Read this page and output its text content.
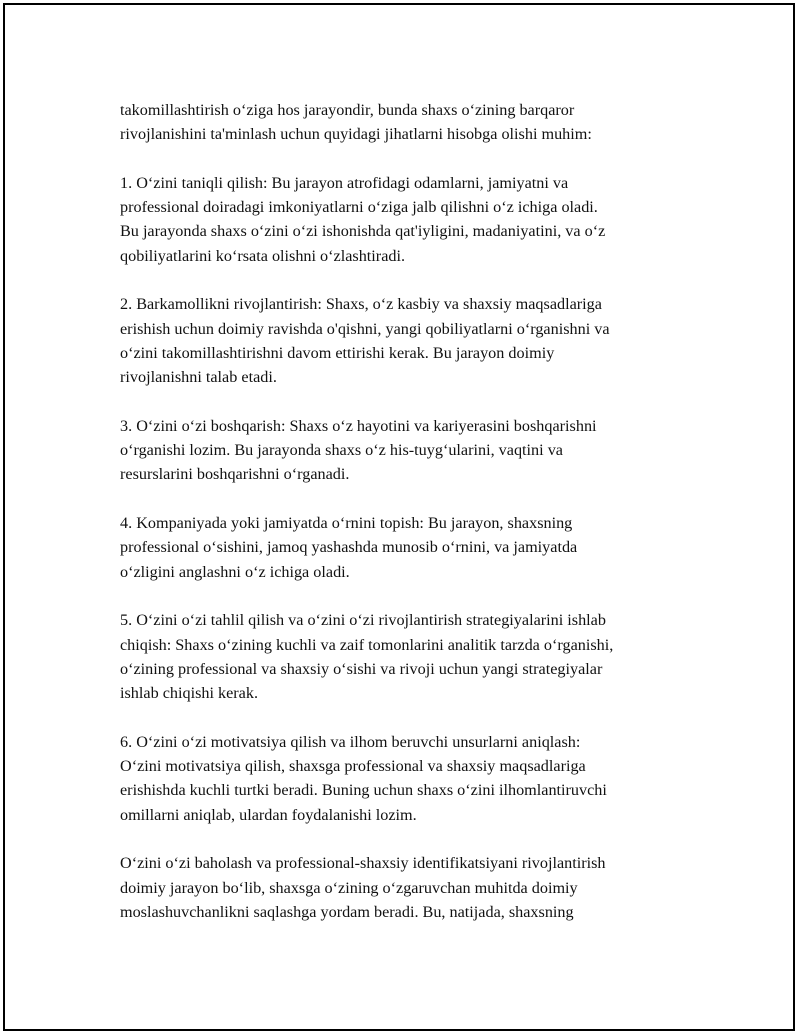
takomillashtirish o‘ziga hos jarayondir, bunda shaxs o‘zining barqaror
rivojlanishini ta'minlash uchun quyidagi jihatlarni hisobga olishi muhim:

1. O‘zini taniqli qilish: Bu jarayon atrofidagi odamlarni, jamiyatni va
professional doiradagi imkoniyatlarni o‘ziga jalb qilishni o‘z ichiga oladi.
Bu jarayonda shaxs o‘zini o‘zi ishonishda qat'iyligini, madaniyatini, va o‘z
qobiliyatlarini ko‘rsata olishni o‘zlashtiradi.

2. Barkamollikni rivojlantirish: Shaxs, o‘z kasbiy va shaxsiy maqsadlariga
erishish uchun doimiy ravishda o'qishni, yangi qobiliyatlarni o‘rganishni va
o‘zini takomillashtirishni davom ettirishi kerak. Bu jarayon doimiy
rivojlanishni talab etadi.

3. O‘zini o‘zi boshqarish: Shaxs o‘z hayotini va kariyerasini boshqarishni
o‘rganishi lozim. Bu jarayonda shaxs o‘z his-tuyg‘ularini, vaqtini va
resurslarini boshqarishni o‘rganadi.

4. Kompaniyada yoki jamiyatda o‘rnini topish: Bu jarayon, shaxsning
professional o‘sishini, jamoq yashashda munosib o‘rnini, va jamiyatda
o‘zligini anglashni o‘z ichiga oladi.

5. O‘zini o‘zi tahlil qilish va o‘zini o‘zi rivojlantirish strategiyalarini ishlab
chiqish: Shaxs o‘zining kuchli va zaif tomonlarini analitik tarzda o‘rganishi,
o‘zining professional va shaxsiy o‘sishi va rivoji uchun yangi strategiyalar
ishlab chiqishi kerak.

6. O‘zini o‘zi motivatsiya qilish va ilhom beruvchi unsurlarni aniqlash:
O‘zini motivatsiya qilish, shaxsga professional va shaxsiy maqsadlariga
erishishda kuchli turtki beradi. Buning uchun shaxs o‘zini ilhomlantiruvchi
omillarni aniqlab, ulardan foydalanishi lozim.

O‘zini o‘zi baholash va professional-shaxsiy identifikatsiyani rivojlantirish
doimiy jarayon bo‘lib, shaxsga o‘zining o‘zgaruvchan muhitda doimiy
moslashuvchanlikni saqlashga yordam beradi. Bu, natijada, shaxsning
